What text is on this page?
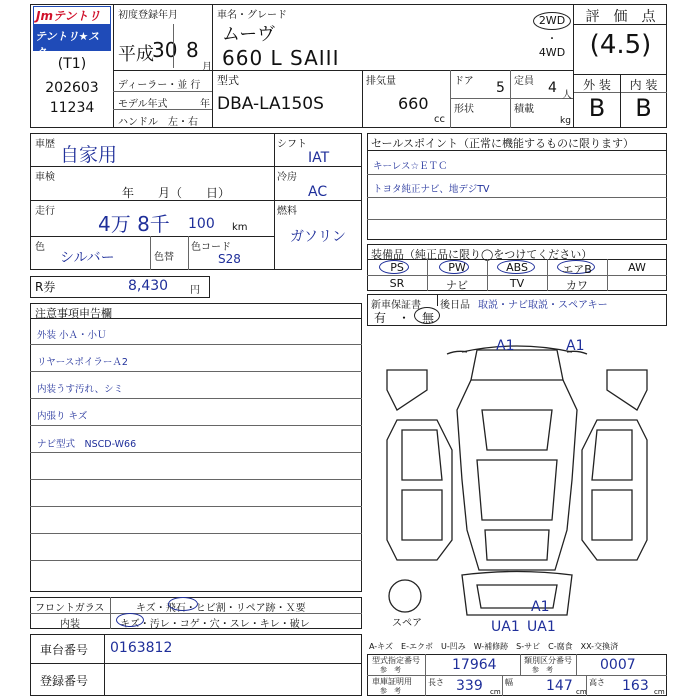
Jmテントリ
テントリ★スター
(T1)
202603
11234
初度登録年月
平成
30 8
月
車名・グレード
ムーヴ
660 L SAIII
2WD
・
4WD
評　価　点
(4.5)
外 装	内 装
B	B
ディーラー・並 行
モデル年式	年
ハンドル　左・右
型式
DBA-LA150S
排気量
660
cc
ドア 5
形状
定員 4 人
積載
kg
車歴 自家用
車検
年　　月（　　日）
走行
4万 8千 100 km
色
シルバー	色替
色コード
S28
シフト
IAT
冷房
AC
燃料
ガソリン
R券	8,430 円
注意事項申告欄
外装 小Ａ・小Ｕ
リヤースポイラーＡ2
内装うす汚れ、シミ
内張り キズ
ナビ型式　NSCD-W66
セールスポイント（正常に機能するものに限ります）
キーレス☆ＥＴＣ
トヨタ純正ナビ、地デジTV
装備品（純正品に限り◯をつけてください）
PS	PW	ABS	エアB	AW
SR	ナビ	TV	カワ
新車保証書
有　・　無
後日品 取説・ナビ取説・スペアキー
A1	A1
A1
UA1 UA1
スペア
フロントガラス	キズ・飛石・ヒビ割・リペア跡・Ｘ要
内装	キズ・汚レ・コゲ・穴・スレ・キレ・破レ
車台番号 0163812
登録番号
A-キズ　E-エクボ　U-凹み　W-補修跡　S-サビ　C-腐食　XX-交換済
型式指定番号
参　考	17964	類別区分番号
参　考	0007
車庫証明用
参　考
長さ 339 cm
幅 147 cm
高さ 163 cm
